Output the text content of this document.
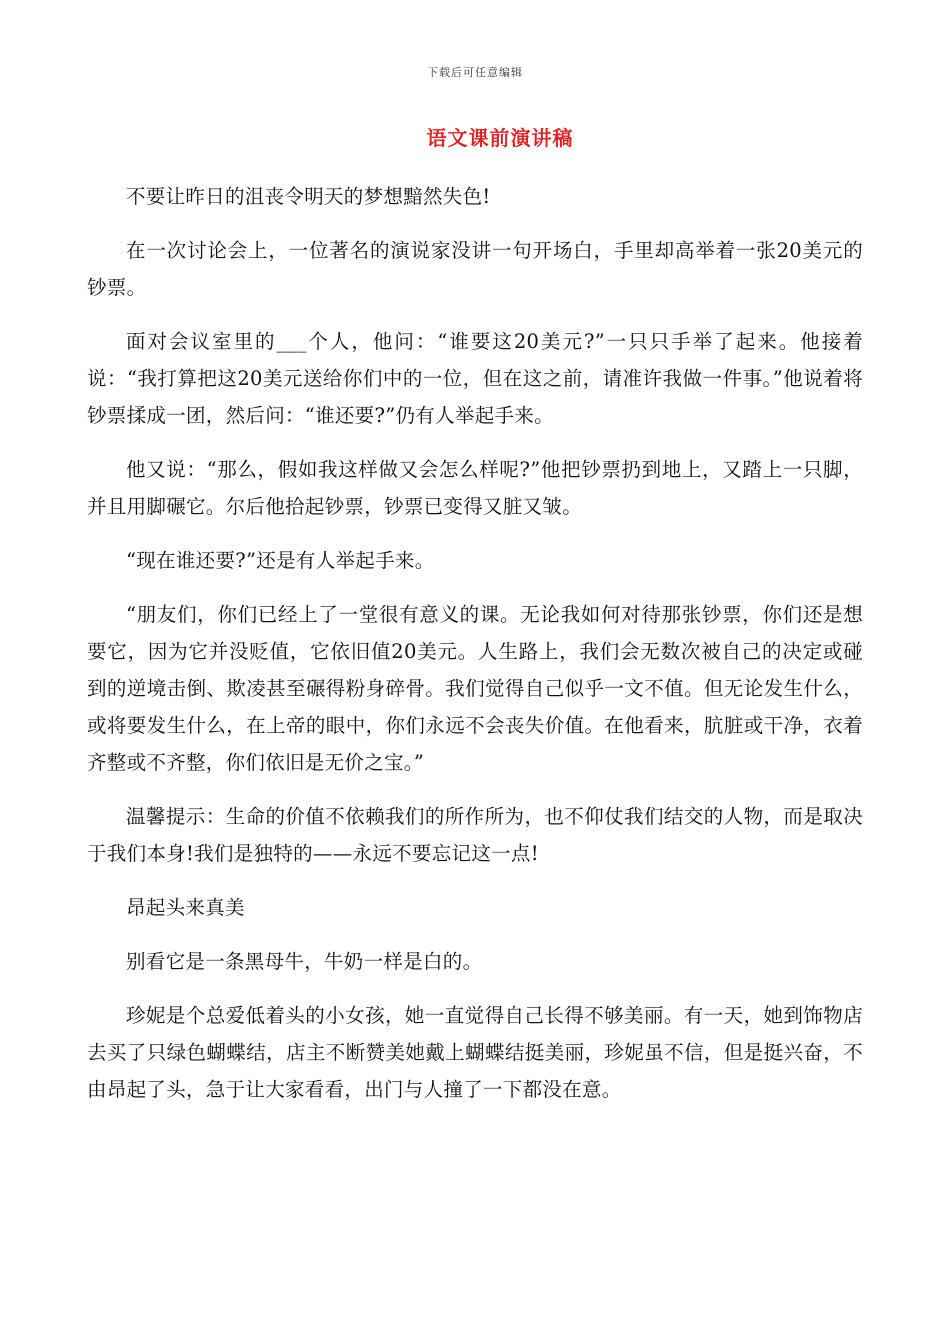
下载后可任意编辑
语文课前演讲稿

不要让昨日的沮丧令明天的梦想黯然失色!

在一次讨论会上，一位著名的演说家没讲一句开场白，手里却高举着一张20美元的钞票。

面对会议室里的___个人，他问：“谁要这20美元?”一只只手举了起来。他接着说：“我打算把这20美元送给你们中的一位，但在这之前，请准许我做一件事。”他说着将钞票揉成一团，然后问：“谁还要?”仍有人举起手来。

他又说：“那么，假如我这样做又会怎么样呢?”他把钞票扔到地上，又踏上一只脚，并且用脚碾它。尔后他拾起钞票，钞票已变得又脏又皱。

“现在谁还要?”还是有人举起手来。

“朋友们，你们已经上了一堂很有意义的课。无论我如何对待那张钞票，你们还是想要它，因为它并没贬值，它依旧值20美元。人生路上，我们会无数次被自己的决定或碰到的逆境击倒、欺凌甚至碾得粉身碎骨。我们觉得自己似乎一文不值。但无论发生什么，或将要发生什么，在上帝的眼中，你们永远不会丧失价值。在他看来，肮脏或干净，衣着齐整或不齐整，你们依旧是无价之宝。”

温馨提示：生命的价值不依赖我们的所作所为，也不仰仗我们结交的人物，而是取决于我们本身!我们是独特的——永远不要忘记这一点!

昂起头来真美

别看它是一条黑母牛，牛奶一样是白的。

珍妮是个总爱低着头的小女孩，她一直觉得自己长得不够美丽。有一天，她到饰物店去买了只绿色蝴蝶结，店主不断赞美她戴上蝴蝶结挺美丽，珍妮虽不信，但是挺兴奋，不由昂起了头，急于让大家看看，出门与人撞了一下都没在意。
